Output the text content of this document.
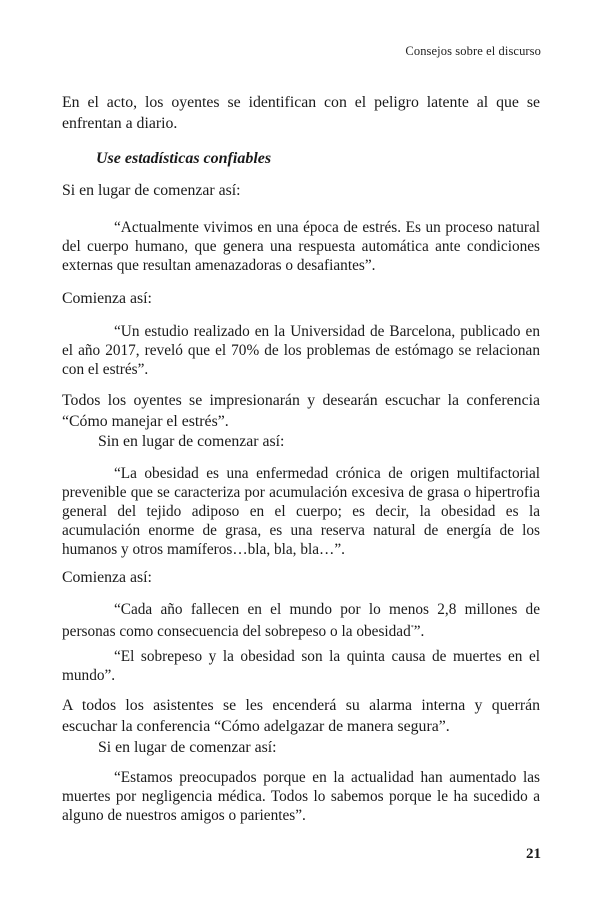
Consejos sobre el discurso

En el acto, los oyentes se identifican con el peligro latente al que se enfrentan a diario.

Use estadísticas confiables

Si en lugar de comenzar así:

“Actualmente vivimos en una época de estrés. Es un proceso natural del cuerpo humano, que genera una respuesta automática ante condiciones externas que resultan amenazadoras o desafiantes”.

Comienza así:

“Un estudio realizado en la Universidad de Barcelona, publicado en el año 2017, reveló que el 70% de los problemas de estómago se relacionan con el estrés”.

Todos los oyentes se impresionarán y desearán escuchar la conferencia “Cómo manejar el estrés”.

Sin en lugar de comenzar así:

“La obesidad es una enfermedad crónica de origen multifactorial prevenible que se caracteriza por acumulación excesiva de grasa o hipertrofia general del tejido adiposo en el cuerpo; es decir, la obesidad es la acumulación enorme de grasa, es una reserva natural de energía de los humanos y otros mamíferos…bla, bla, bla…”.

Comienza así:

“Cada año fallecen en el mundo por lo menos 2,8 millones de personas como consecuencia del sobrepeso o la obesidad*”.

“El sobrepeso y la obesidad son la quinta causa de muertes en el mundo”.

A todos los asistentes se les encenderá su alarma interna y querrán escuchar la conferencia “Cómo adelgazar de manera segura”.

Si en lugar de comenzar así:

“Estamos preocupados porque en la actualidad han aumentado las muertes por negligencia médica. Todos lo sabemos porque le ha sucedido a alguno de nuestros amigos o parientes”.

21
